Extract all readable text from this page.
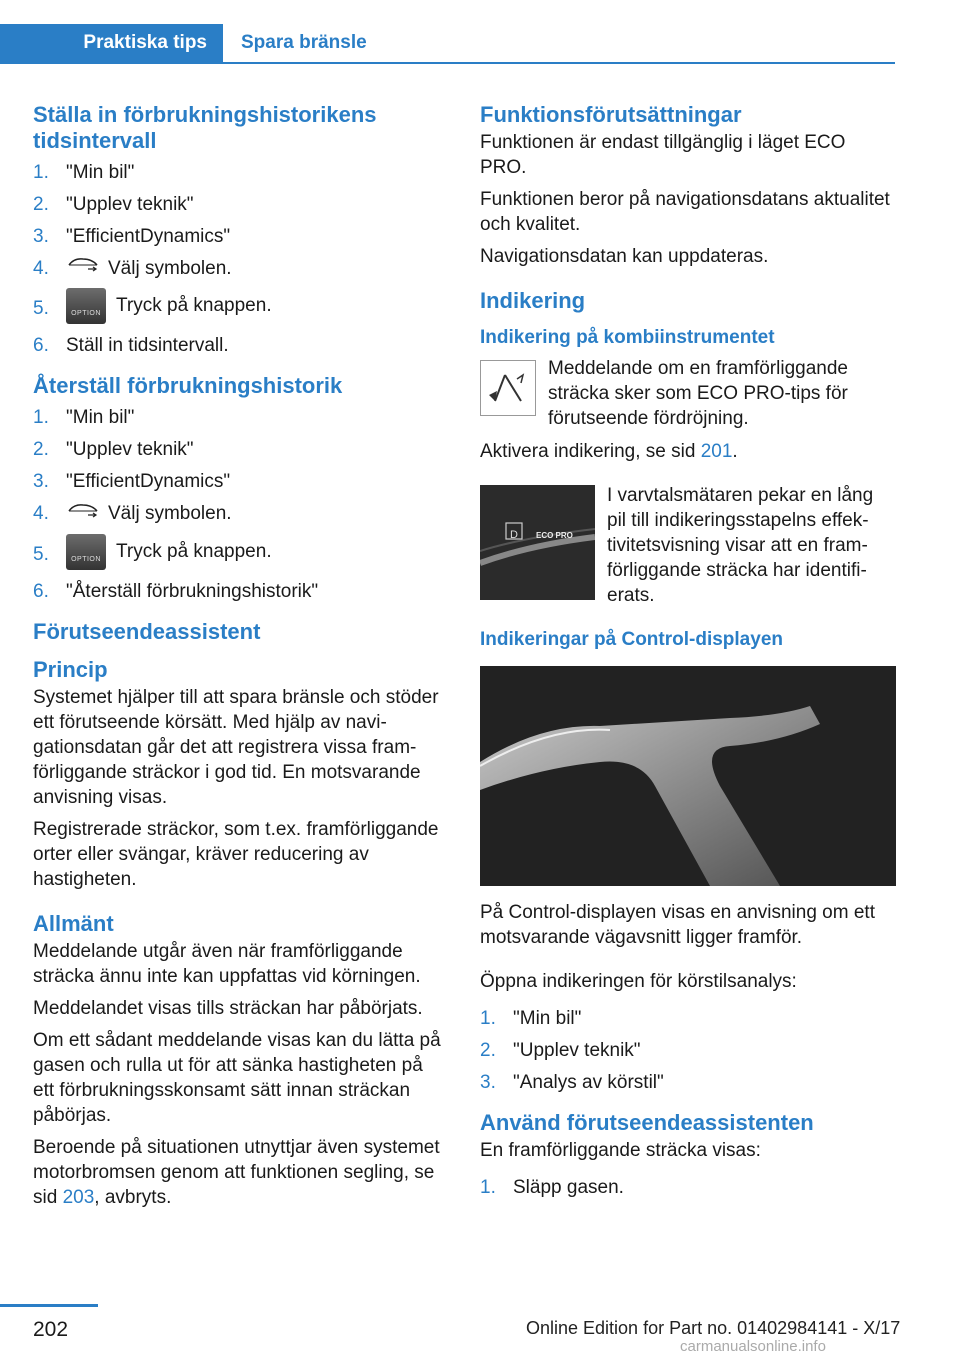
Praktiska tips	Spara bränsle
Ställa in förbrukningshistorikens tidsintervall
1. "Min bil"
2. "Upplev teknik"
3. "EfficientDynamics"
4.	Välj symbolen.
5.	OPTION Tryck på knappen.
6. Ställ in tidsintervall.
Återställ förbrukningshistorik
1. "Min bil"
2. "Upplev teknik"
3. "EfficientDynamics"
4.	Välj symbolen.
5.	OPTION Tryck på knappen.
6. "Återställ förbrukningshistorik"
Förutseendeassistent
Princip

Systemet hjälper till att spara bränsle och stöder ett förutseende körsätt. Med hjälp av navigationsdatan går det att registrera vissa framförliggande sträckor i god tid. En motsvarande anvisning visas.

Registrerade sträckor, som t.ex. framförliggande orter eller svängar, kräver reducering av hastigheten.

Allmänt

Meddelande utgår även när framförliggande sträcka ännu inte kan uppfattas vid körningen.

Meddelandet visas tills sträckan har påbörjats.

Om ett sådant meddelande visas kan du lätta på gasen och rulla ut för att sänka hastigheten på ett förbrukningsskonsamt sätt innan sträckan påbörjas.

Beroende på situationen utnyttjar även systemet motorbromsen genom att funktionen segling, se sid 203, avbryts.

Funktionsförutsättningar

Funktionen är endast tillgänglig i läget ECO PRO.

Funktionen beror på navigationsdatans aktualitet och kvalitet.

Navigationsdatan kan uppdateras.

Indikering
Indikering på kombiinstrumentet
Meddelande om en framförliggande sträcka sker som ECO PRO-tips för förutseende fördröjning.

Aktivera indikering, se sid 201.

D ECO PRO
I varvtalsmätaren pekar en lång pil till indikeringsstapelns effektivitetsvisning visar att en framförliggande sträcka har identifierats.
Indikeringar på Control-displayen

På Control-displayen visas en anvisning om ett motsvarande vägavsnitt ligger framför.

Öppna indikeringen för körstilsanalys:

1. "Min bil"
2. "Upplev teknik"
3. "Analys av körstil"
Använd förutseendeassistenten

En framförliggande sträcka visas:

1. Släpp gasen.
202	Online Edition for Part no. 01402984141 - X/17
carmanualsonline.info
